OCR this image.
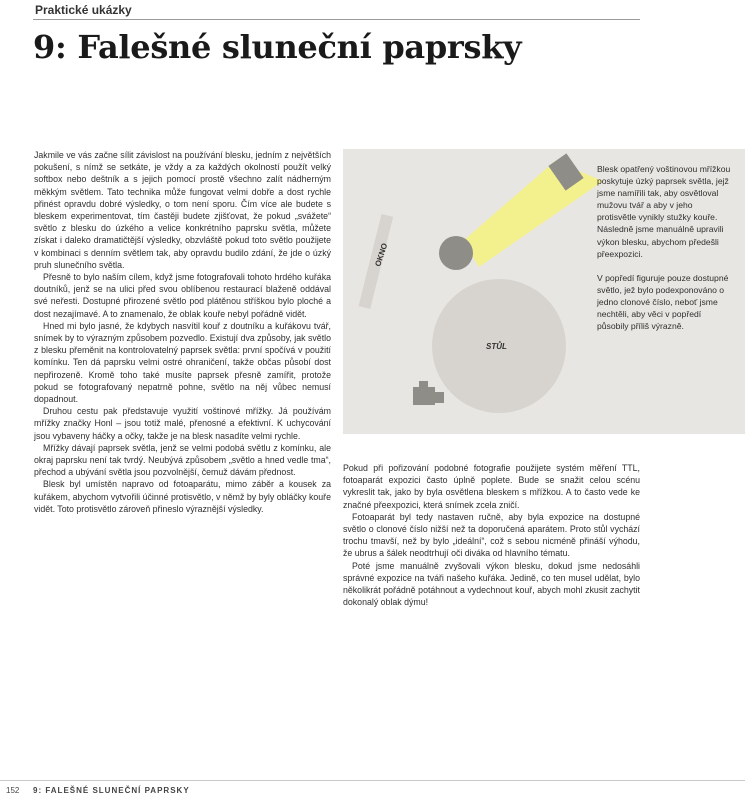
Praktické ukázky
9: Falešné sluneční paprsky

Jakmile ve vás začne sílit závislost na používání blesku, jedním z největších pokušení, s nímž se setkáte, je vždy a za každých okolností použít velký softbox nebo deštník a s jejich pomocí prostě všechno zalít nádherným měkkým světlem. Tato technika může fungovat velmi dobře a dost rychle přinést opravdu dobré výsledky, o tom není sporu. Čím více ale budete s bleskem experimentovat, tím častěji budete zjišťovat, že pokud „svážete“ světlo z blesku do úzkého a velice konkrétního paprsku světla, můžete získat i daleko dramatičtější výsledky, obzvláště pokud toto světlo použijete v kombinaci s denním světlem tak, aby opravdu budilo zdání, že jde o úzký pruh slunečního světla.

Přesně to bylo naším cílem, když jsme fotografovali tohoto hrdého kuřáka doutníků, jenž se na ulici před svou oblíbenou restaurací blaženě oddával své neřesti. Dostupné přirozené světlo pod plátěnou stříškou bylo ploché a dost nezajímavé. A to znamenalo, že oblak kouře nebyl pořádně vidět.

Hned mi bylo jasné, že kdybych nasvítil kouř z doutníku a kuřákovu tvář, snímek by to výrazným způsobem pozvedlo. Existují dva způsoby, jak světlo z blesku přeměnit na kontrolovatelný paprsek světla: první spočívá v použití komínku. Ten dá paprsku velmi ostré ohraničení, takže občas působí dost nepřirozeně. Kromě toho také musíte paprsek přesně zamířit, protože pokud se fotografovaný nepatrně pohne, světlo na něj vůbec nemusí dopadnout.

Druhou cestu pak představuje využití voštinové mřížky. Já používám mřížky značky Honl – jsou totiž malé, přenosné a efektivní. K uchycování jsou vybaveny háčky a očky, takže je na blesk nasadíte velmi rychle.

Mřížky dávají paprsek světla, jenž se velmi podobá světlu z komínku, ale okraj paprsku není tak tvrdý. Neubývá způsobem „světlo a hned vedle tma“, přechod a ubývání světla jsou pozvolnější, čemuž dávám přednost.

Blesk byl umístěn napravo od fotoaparátu, mimo záběr a kousek za kuřákem, abychom vytvořili účinné protisvětlo, v němž by byly obláčky kouře vidět. Toto protisvětlo zároveň přineslo výraznější výsledky.

OKNO
STŮL

Blesk opatřený voštinovou mřížkou poskytuje úzký paprsek světla, jejž jsme namířili tak, aby osvětloval mužovu tvář a aby v jeho protisvětle vynikly stužky kouře. Následně jsme manuálně upravili výkon blesku, abychom předešli přeexpozici.

V popředí figuruje pouze dostupné světlo, jež bylo podexponováno o jedno clonové číslo, neboť jsme nechtěli, aby věci v popředí působily příliš výrazně.

Pokud při pořizování podobné fotografie použijete systém měření TTL, fotoaparát expozici často úplně poplete. Bude se snažit celou scénu vykreslit tak, jako by byla osvětlena bleskem s mřížkou. A to často vede ke značné přeexpozici, která snímek zcela zničí.

Fotoaparát byl tedy nastaven ručně, aby byla expozice na dostupné světlo o clonové číslo nižší než ta doporučená aparátem. Proto stůl vychází trochu tmavší, než by bylo „ideální“, což s sebou nicméně přináší výhodu, že ubrus a šálek neodtrhují oči diváka od hlavního tématu.

Poté jsme manuálně zvyšovali výkon blesku, dokud jsme nedosáhli správné expozice na tváři našeho kuřáka. Jedině, co ten musel udělat, bylo několikrát pořádně potáhnout a vydechnout kouř, abych mohl zkusit zachytit dokonalý oblak dýmu!

152 9: FALEŠNÉ SLUNEČNÍ PAPRSKY
